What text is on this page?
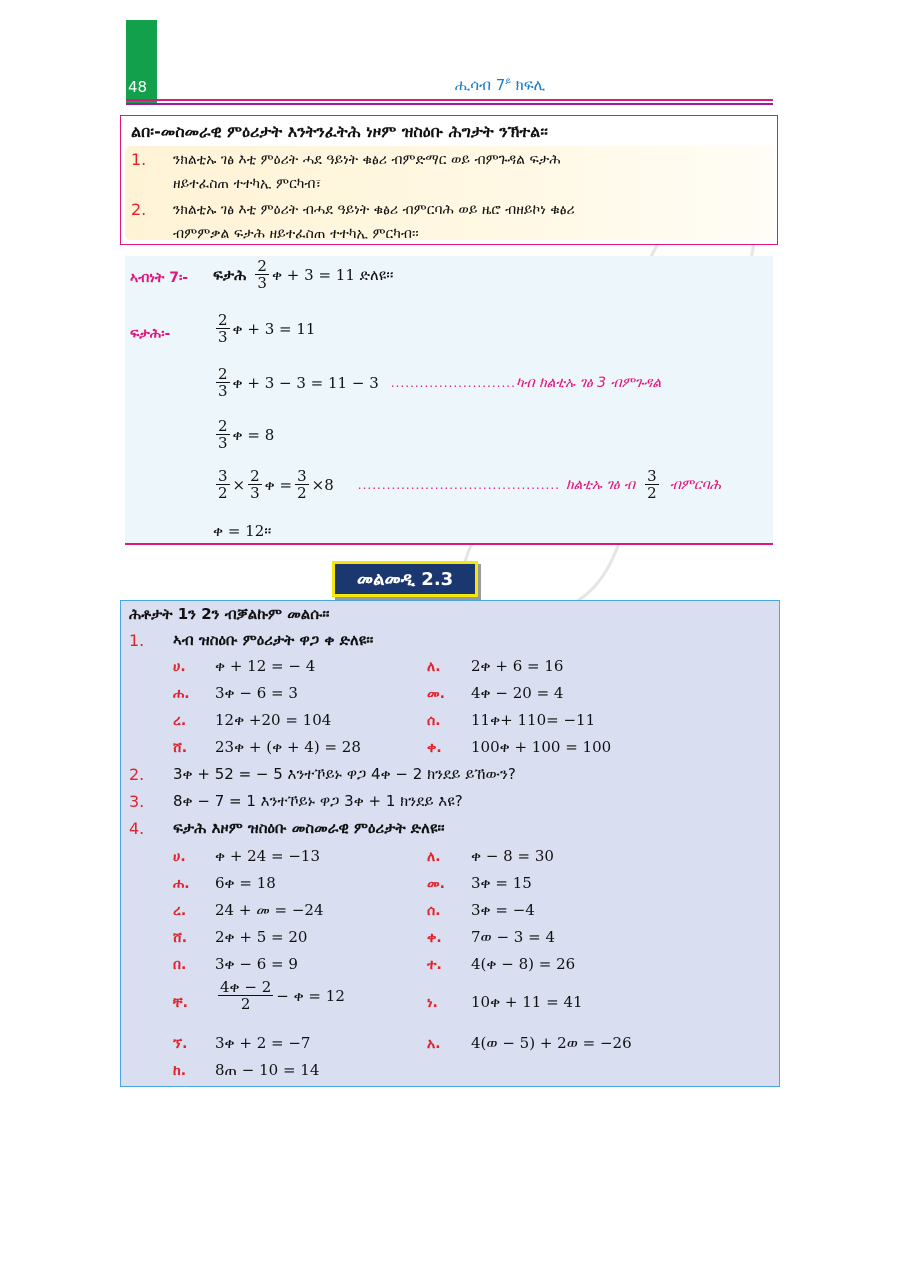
48	ሒሳብ $7^ይ$ ክፍሊ
ልበ፡-መስመራዊ ምዕሪታት እንትንፈትሕ ነዞም ዝስዕቡ ሕግታት ንኽተል፡፡
1. ንክልቲኡ ገፅ እቲ ምዕሪት ሓደ ዓይነት ቁፅሪ ብምድማር ወይ ብምጉዳል ፍታሕ
ዘይተፈስጠ ተተካኢ ምርካብ፣
2. ንክልቲኡ ገፅ እቲ ምዕሪት ብሓደ ዓይነት ቁፅሪ ብምርባሕ ወይ ዜሮ ብዘይኮነ ቁፅሪ
ብምምቃል ፍታሕ ዘይተፈስጠ ተተካኢ ምርካብ፡፡
ኣብነት 7፡- ፍታሕ $\frac{2}{3}$ ቀ + 3 = 11 ድለዩ፡፡
ፍታሕ፡-	$\frac{2}{3}$ ቀ + 3 = 11
$\frac{2}{3}$ ቀ + 3 − 3 = 11 − 3 .......................... ካብ ክልቲኡ ገፅ 3 ብምጉዳል
$\frac{2}{3}$ ቀ = 8
$\frac{3}{2} \times \frac{2}{3}$ ቀ = $\frac{3}{2} \times 8$ .......................................... ክልቲኡ ገፅ ብ $\frac{3}{2}$ ብምርባሕ
ቀ = 12፡፡
መልመዲ 2.3
ሕቶታት 1ን 2ን ብቓልኩም መልሱ፡፡
1. ኣብ ዝስዕቡ ምዕሪታት ዋጋ ቀ ድለዩ፡፡
ሀ. ቀ + 12 = − 4	ለ. 2ቀ + 6 = 16
ሐ. 3ቀ − 6 = 3	መ. 4ቀ − 20 = 4
ረ. 12ቀ +20 = 104	ሰ. 11ቀ+ 110= −11
ሸ. 23ቀ + (ቀ + 4) = 28	ቀ. 100ቀ + 100 = 100
2. 3ቀ + 52 = − 5 እንተኾይኑ ዋጋ 4ቀ − 2 ክንደይ ይኸውን?
3. 8ቀ − 7 = 1 እንተኾይኑ ዋጋ 3ቀ + 1 ክንደይ እዩ?
4. ፍታሕ እዞም ዝስዕቡ መስመራዊ ምዕሪታት ድለዩ፡፡
ሀ. ቀ + 24 = −13	ለ. ቀ − 8 = 30
ሐ. 6ቀ = 18	መ. 3ቀ = 15
ረ. 24 + መ = −24	ሰ. 3ቀ = −4
ሸ. 2ቀ + 5 = 20	ቀ. 7ወ − 3 = 4
በ. 3ቀ − 6 = 9	ተ. 4(ቀ − 8) = 26
ቸ. $\frac{\text{4ቀ − 2}}{2}$ − ቀ = 12	ነ. 10ቀ + 11 = 41
ኘ. 3ቀ + 2 = −7	አ. 4(ወ − 5) + 2ወ = −26
ከ. 8ጠ − 10 = 14
